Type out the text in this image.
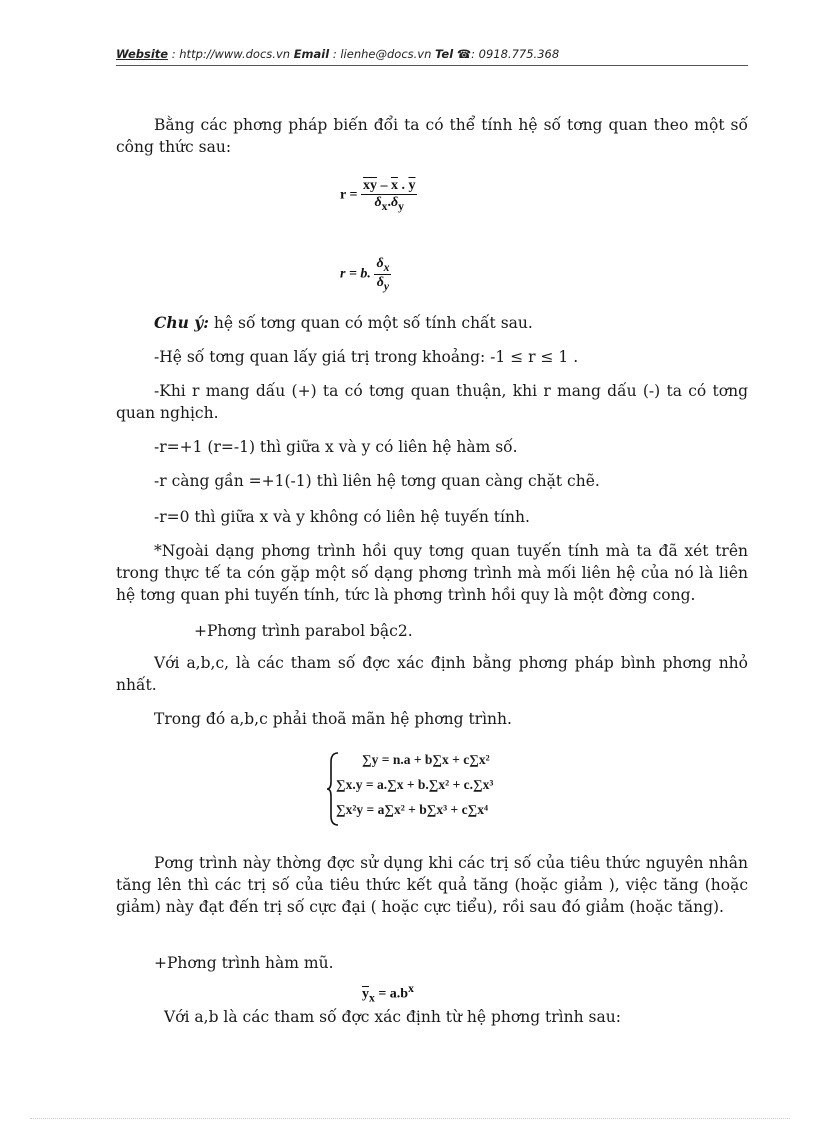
Website : http://www.docs.vn Email : lienhe@docs.vn Tel ☎: 0918.775.368
Bằng các phơng pháp biến đổi ta có thể tính hệ số tơng quan theo một số công thức sau:
$r = \frac{\overline{xy} - \overline{x} . \overline{y}}{\delta_x.\delta_y}$
r = b. $\frac{\delta_x}{\delta_y}$
Chu ý: hệ số tơng quan có một số tính chất sau.
-Hệ số tơng quan lấy giá trị trong khoảng: -1 ≤ r ≤ 1 .
-Khi r mang dấu (+) ta có tơng quan thuận, khi r mang dấu (-) ta có tơng quan nghịch.
-r=+1 (r=-1) thì giữa x và y có liên hệ hàm số.
-r càng gần =+1(-1) thì liên hệ tơng quan càng chặt chẽ.
-r=0 thì giữa x và y không có liên hệ tuyến tính.
*Ngoài dạng phơng trình hồi quy tơng quan tuyến tính mà ta đã xét trên trong thực tế ta cón gặp một số dạng phơng trình mà mối liên hệ của nó là liên hệ tơng quan phi tuyến tính, tức là phơng trình hồi quy là một đờng cong.
+Phơng trình parabol bậc2.
Với a,b,c, là các tham số đợc xác định bằng phơng pháp bình phơng nhỏ nhất.
Trong đó a,b,c phải thoã mãn hệ phơng trình.
∑y = n.a + b∑x + c∑x²
∑x.y = a.∑x + b.∑x² + c.∑x³
∑x²y = a∑x² + b∑x³ + c∑x⁴
Pơng trình này thờng đợc sử dụng khi các trị số của tiêu thức nguyên nhân tăng lên thì các trị số của tiêu thức kết quả tăng (hoặc giảm ), việc tăng (hoặc giảm) này đạt đến trị số cực đại ( hoặc cực tiểu), rồi sau đó giảm (hoặc tăng).
+Phơng trình hàm mũ.
$\overline{y}_x = a.b^x$
Với a,b là các tham số đợc xác định từ hệ phơng trình sau:
